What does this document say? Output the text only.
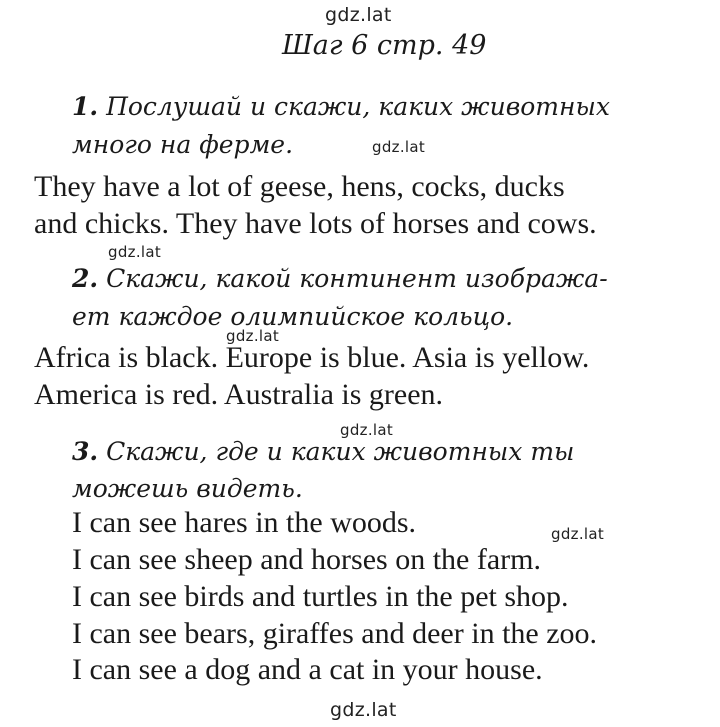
gdz.lat
gdz.lat
gdz.lat
gdz.lat
gdz.lat
gdz.lat
gdz.lat
Шаг 6 стр. 49
1. Послушай и скажи, каких животных
много на ферме.
They have a lot of geese, hens, cocks, ducks
and chicks. They have lots of horses and cows.
2. Скажи, какой континент изобража-
ет каждое олимпийское кольцо.
Africa is black. Europe is blue. Asia is yellow.
America is red. Australia is green.
3. Скажи, где и каких животных ты
можешь видеть.
I can see hares in the woods.
I can see sheep and horses on the farm.
I can see birds and turtles in the pet shop.
I can see bears, giraffes and deer in the zoo.
I can see a dog and a cat in your house.
